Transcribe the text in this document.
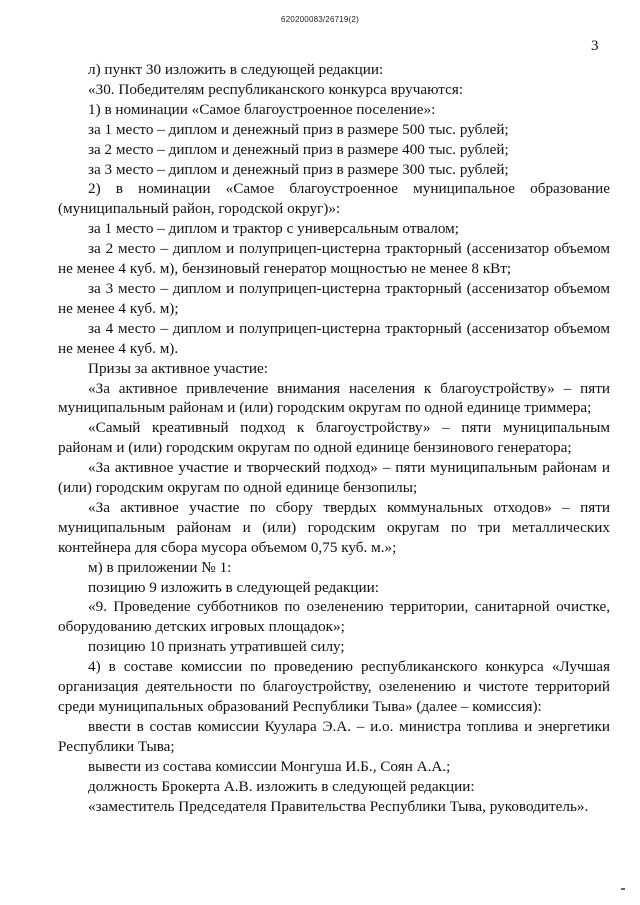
620200083/26719(2)
3

л) пункт 30 изложить в следующей редакции:

«30. Победителям республиканского конкурса вручаются:

1) в номинации «Самое благоустроенное поселение»:

за 1 место – диплом и денежный приз в размере 500 тыс. рублей;

за 2 место – диплом и денежный приз в размере 400 тыс. рублей;

за 3 место – диплом и денежный приз в размере 300 тыс. рублей;

2) в номинации «Самое благоустроенное муниципальное образование (муниципальный район, городской округ)»:

за 1 место – диплом и трактор с универсальным отвалом;

за 2 место – диплом и полуприцеп-цистерна тракторный (ассенизатор объемом не менее 4 куб. м), бензиновый генератор мощностью не менее 8 кВт;

за 3 место – диплом и полуприцеп-цистерна тракторный (ассенизатор объемом не менее 4 куб. м);

за 4 место – диплом и полуприцеп-цистерна тракторный (ассенизатор объемом не менее 4 куб. м).

Призы за активное участие:

«За активное привлечение внимания населения к благоустройству» – пяти муниципальным районам и (или) городским округам по одной единице триммера;

«Самый креативный подход к благоустройству» – пяти муниципальным районам и (или) городским округам по одной единице бензинового генератора;

«За активное участие и творческий подход» – пяти муниципальным районам и (или) городским округам по одной единице бензопилы;

«За активное участие по сбору твердых коммунальных отходов» – пяти муниципальным районам и (или) городским округам по три металлических контейнера для сбора мусора объемом 0,75 куб. м.»;

м) в приложении № 1:

позицию 9 изложить в следующей редакции:

«9. Проведение субботников по озеленению территории, санитарной очистке, оборудованию детских игровых площадок»;

позицию 10 признать утратившей силу;

4) в составе комиссии по проведению республиканского конкурса «Лучшая организация деятельности по благоустройству, озеленению и чистоте территорий среди муниципальных образований Республики Тыва» (далее – комиссия):

ввести в состав комиссии Куулара Э.А. – и.о. министра топлива и энергетики Республики Тыва;

вывести из состава комиссии Монгуша И.Б., Соян А.А.;

должность Брокерта А.В. изложить в следующей редакции:

«заместитель Председателя Правительства Республики Тыва, руководитель».
